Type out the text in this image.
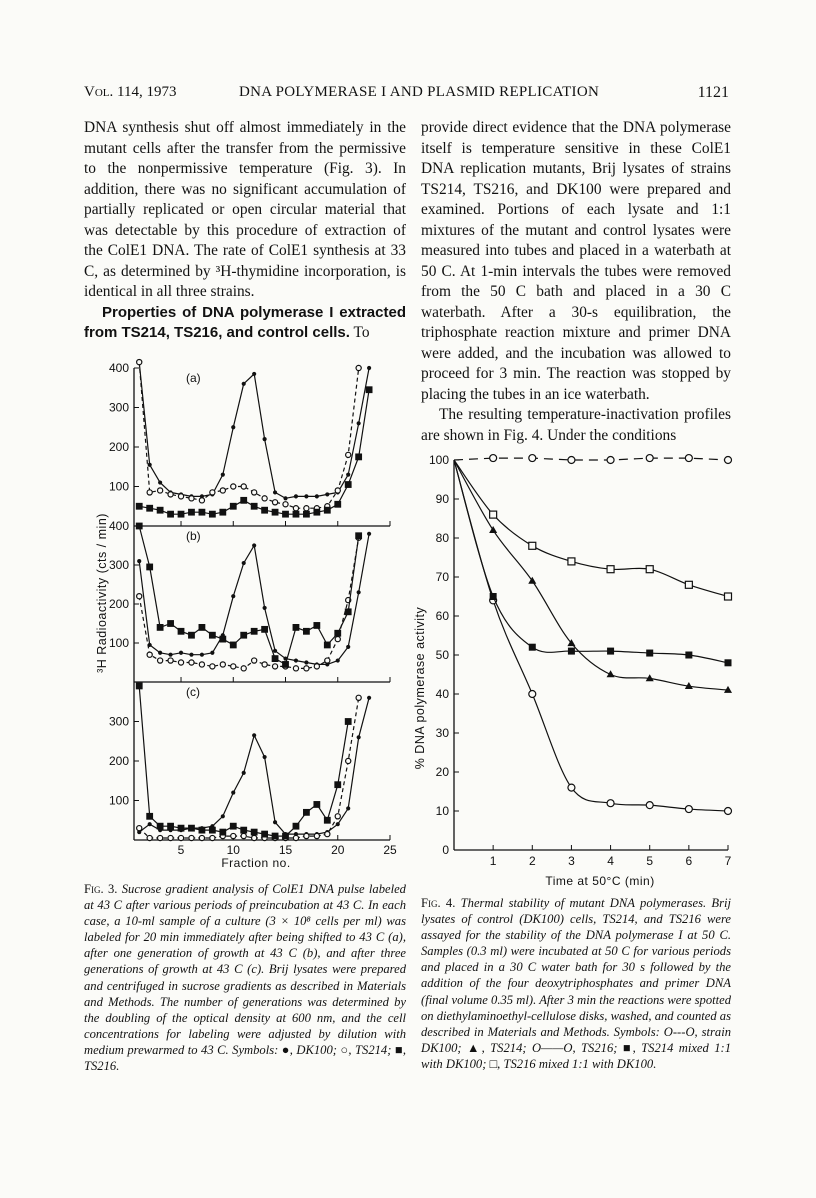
Vol. 114, 1973	DNA POLYMERASE I AND PLASMID REPLICATION	1121

DNA synthesis shut off almost immediately in the mutant cells after the transfer from the permissive to the nonpermissive temperature (Fig. 3). In addition, there was no significant accumulation of partially replicated or open circular material that was detectable by this procedure of extraction of the ColE1 DNA. The rate of ColE1 synthesis at 33 C, as determined by ³H-thymidine incorporation, is identical in all three strains.

Properties of DNA polymerase I extracted from TS214, TS216, and control cells. To

provide direct evidence that the DNA polymerase itself is temperature sensitive in these ColE1 DNA replication mutants, Brij lysates of strains TS214, TS216, and DK100 were prepared and examined. Portions of each lysate and 1:1 mixtures of the mutant and control lysates were measured into tubes and placed in a waterbath at 50 C. At 1-min intervals the tubes were removed from the 50 C bath and placed in a 30 C waterbath. After a 30-s equilibration, the triphosphate reaction mixture and primer DNA were added, and the incubation was allowed to proceed for 3 min. The reaction was stopped by placing the tubes in an ice waterbath.

The resulting temperature-inactivation profiles are shown in Fig. 4. Under the conditions

³H Radioactivity (cts / min)
Fraction no.
100
200
300
400
(a)
100
200
300
400
(b)
100
200
300
5	10	15	20	25
(c)
Fig. 3. Sucrose gradient analysis of ColE1 DNA pulse labeled at 43 C after various periods of preincubation at 43 C. In each case, a 10-ml sample of a culture (3 × 10⁸ cells per ml) was labeled for 20 min immediately after being shifted to 43 C (a), after one generation of growth at 43 C (b), and after three generations of growth at 43 C (c). Brij lysates were prepared and centrifuged in sucrose gradients as described in Materials and Methods. The number of generations was determined by the doubling of the optical density at 600 nm, and the cell concentrations for labeling were adjusted by dilution with medium prewarmed to 43 C. Symbols: ●, DK100; ○, TS214; ■, TS216.
% DNA polymerase activity
Time at 50°C (min)
0
10
20
30
40
50
60
70
80
90
100
1	2	3	4	5	6	7
Fig. 4. Thermal stability of mutant DNA polymerases. Brij lysates of control (DK100) cells, TS214, and TS216 were assayed for the stability of the DNA polymerase I at 50 C. Samples (0.3 ml) were incubated at 50 C for various periods and placed in a 30 C water bath for 30 s followed by the addition of the four deoxytriphosphates and primer DNA (final volume 0.35 ml). After 3 min the reactions were spotted on diethylaminoethyl-cellulose disks, washed, and counted as described in Materials and Methods. Symbols: O---O, strain DK100; ▲, TS214; O——O, TS216; ■, TS214 mixed 1:1 with DK100; □, TS216 mixed 1:1 with DK100.
